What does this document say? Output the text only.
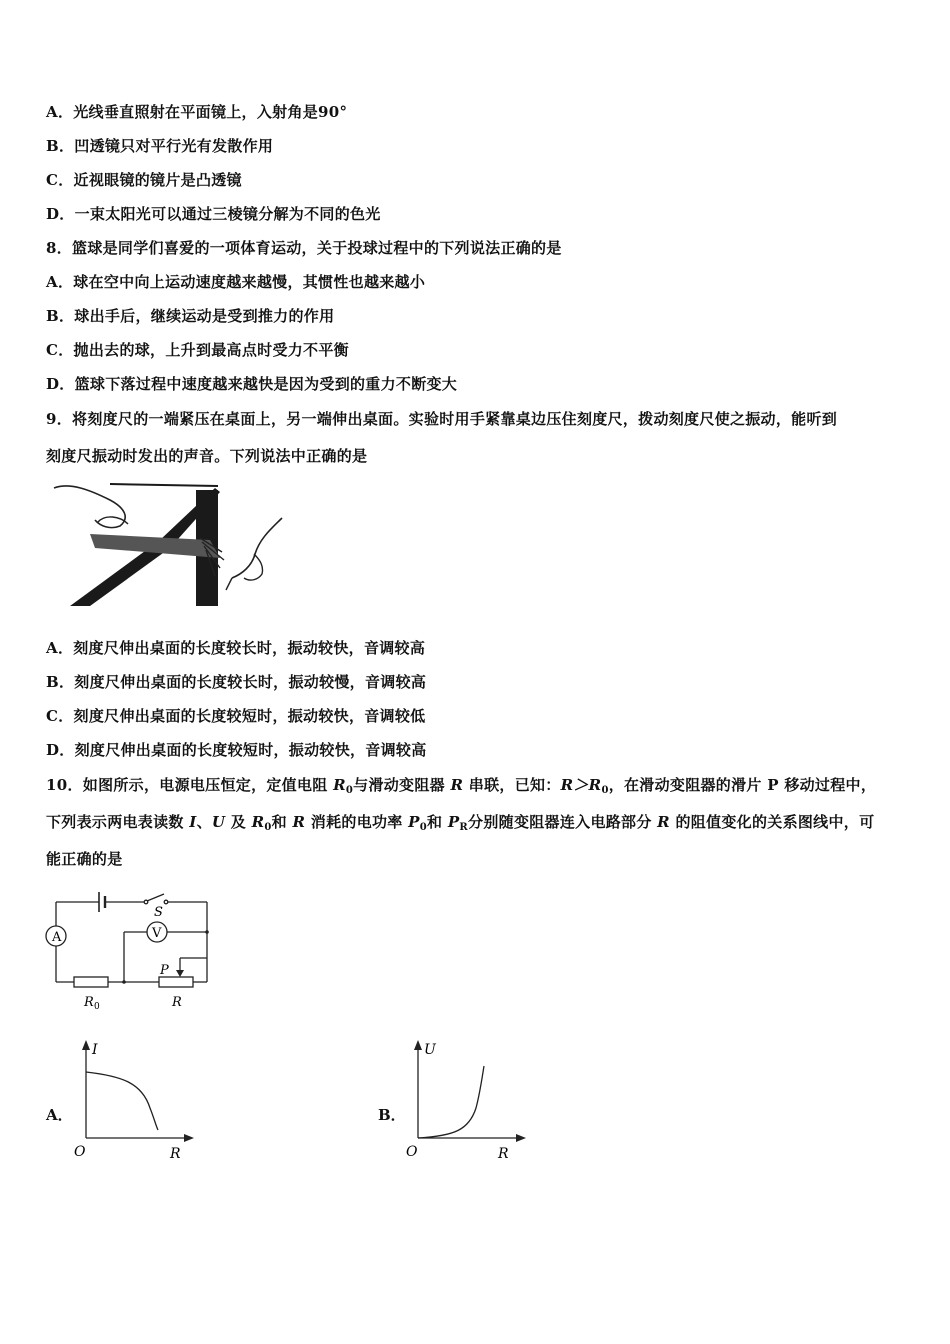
A．光线垂直照射在平面镜上，入射角是90°
B．凹透镜只对平行光有发散作用
C．近视眼镜的镜片是凸透镜
D．一束太阳光可以通过三棱镜分解为不同的色光
8．篮球是同学们喜爱的一项体育运动，关于投球过程中的下列说法正确的是
A．球在空中向上运动速度越来越慢，其惯性也越来越小
B．球出手后，继续运动是受到推力的作用
C．抛出去的球，上升到最高点时受力不平衡
D．篮球下落过程中速度越来越快是因为受到的重力不断变大
9．将刻度尺的一端紧压在桌面上，另一端伸出桌面。实验时用手紧靠桌边压住刻度尺，拨动刻度尺使之振动，能听到
刻度尺振动时发出的声音。下列说法中正确的是
A．刻度尺伸出桌面的长度较长时，振动较快，音调较高
B．刻度尺伸出桌面的长度较长时，振动较慢，音调较高
C．刻度尺伸出桌面的长度较短时，振动较快，音调较低
D．刻度尺伸出桌面的长度较短时，振动较快，音调较高
10．如图所示，电源电压恒定，定值电阻 $R_0$与滑动变阻器 R 串联，已知：$R>R_0$，在滑动变阻器的滑片 P 移动过程中，
下列表示两电表读数 I、U 及 $R_0$和 R 消耗的电功率 $P_0$和 $P_R$分别随变阻器连入电路部分 R 的阻值变化的关系图线中，可
能正确的是
A	V
S
P
R 0	R
A．
I
R
O
B．
U
R
O
